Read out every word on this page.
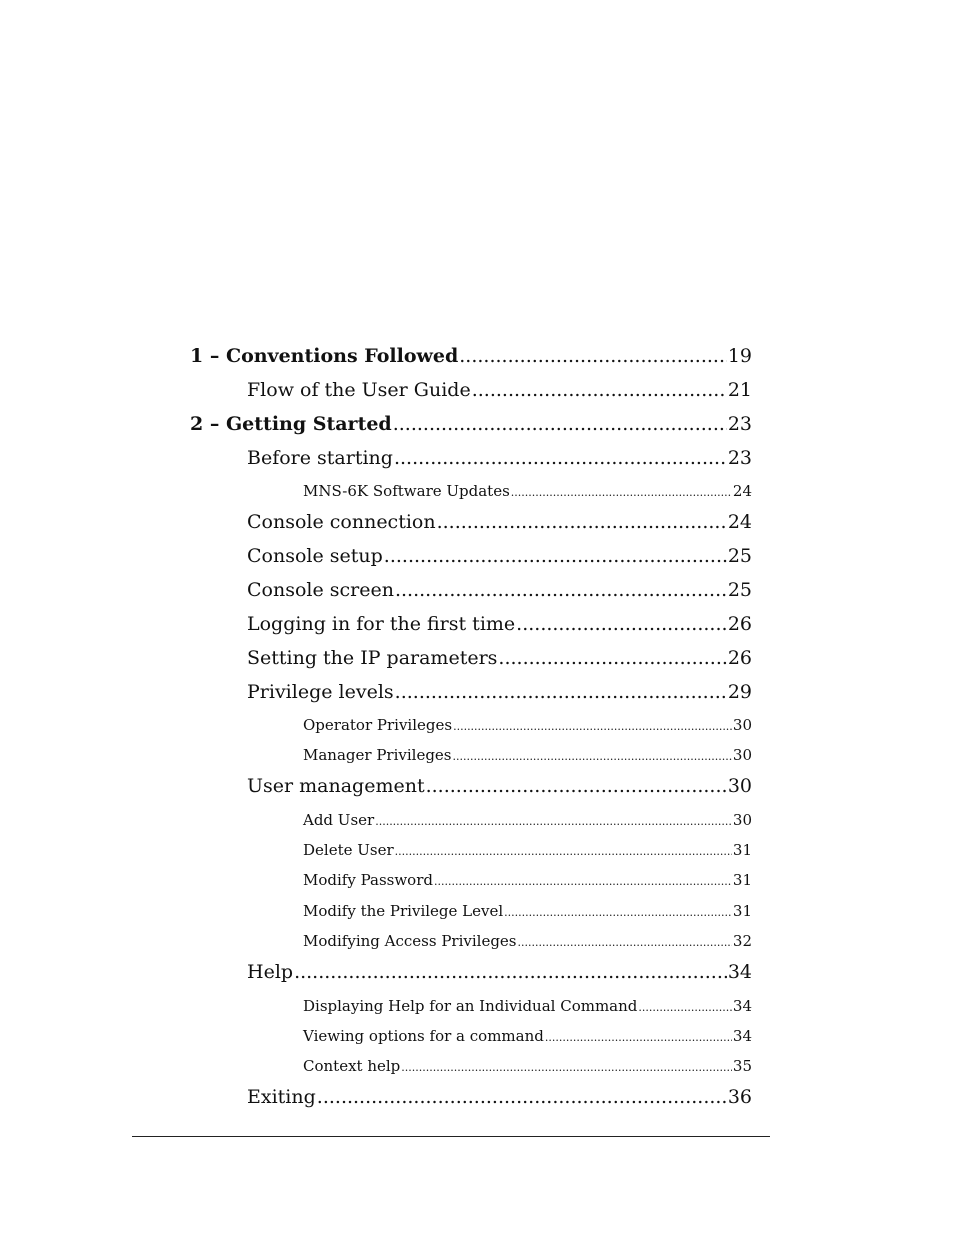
1 – Conventions Followed .....	19
Flow of the User Guide .....	21
2 – Getting Started .....	23
Before starting .....	23
MNS-6K Software Updates .....	24
Console connection .....	24
Console setup .....	25
Console screen .....	25
Logging in for the first time .....	26
Setting the IP parameters .....	26
Privilege levels .....	29
Operator Privileges .....	30
Manager Privileges .....	30
User management .....	30
Add User .....	30
Delete User .....	31
Modify Password .....	31
Modify the Privilege Level .....	31
Modifying Access Privileges .....	32
Help .....	34
Displaying Help for an Individual Command .....	34
Viewing options for a command .....	34
Context help .....	35
Exiting .....	36
